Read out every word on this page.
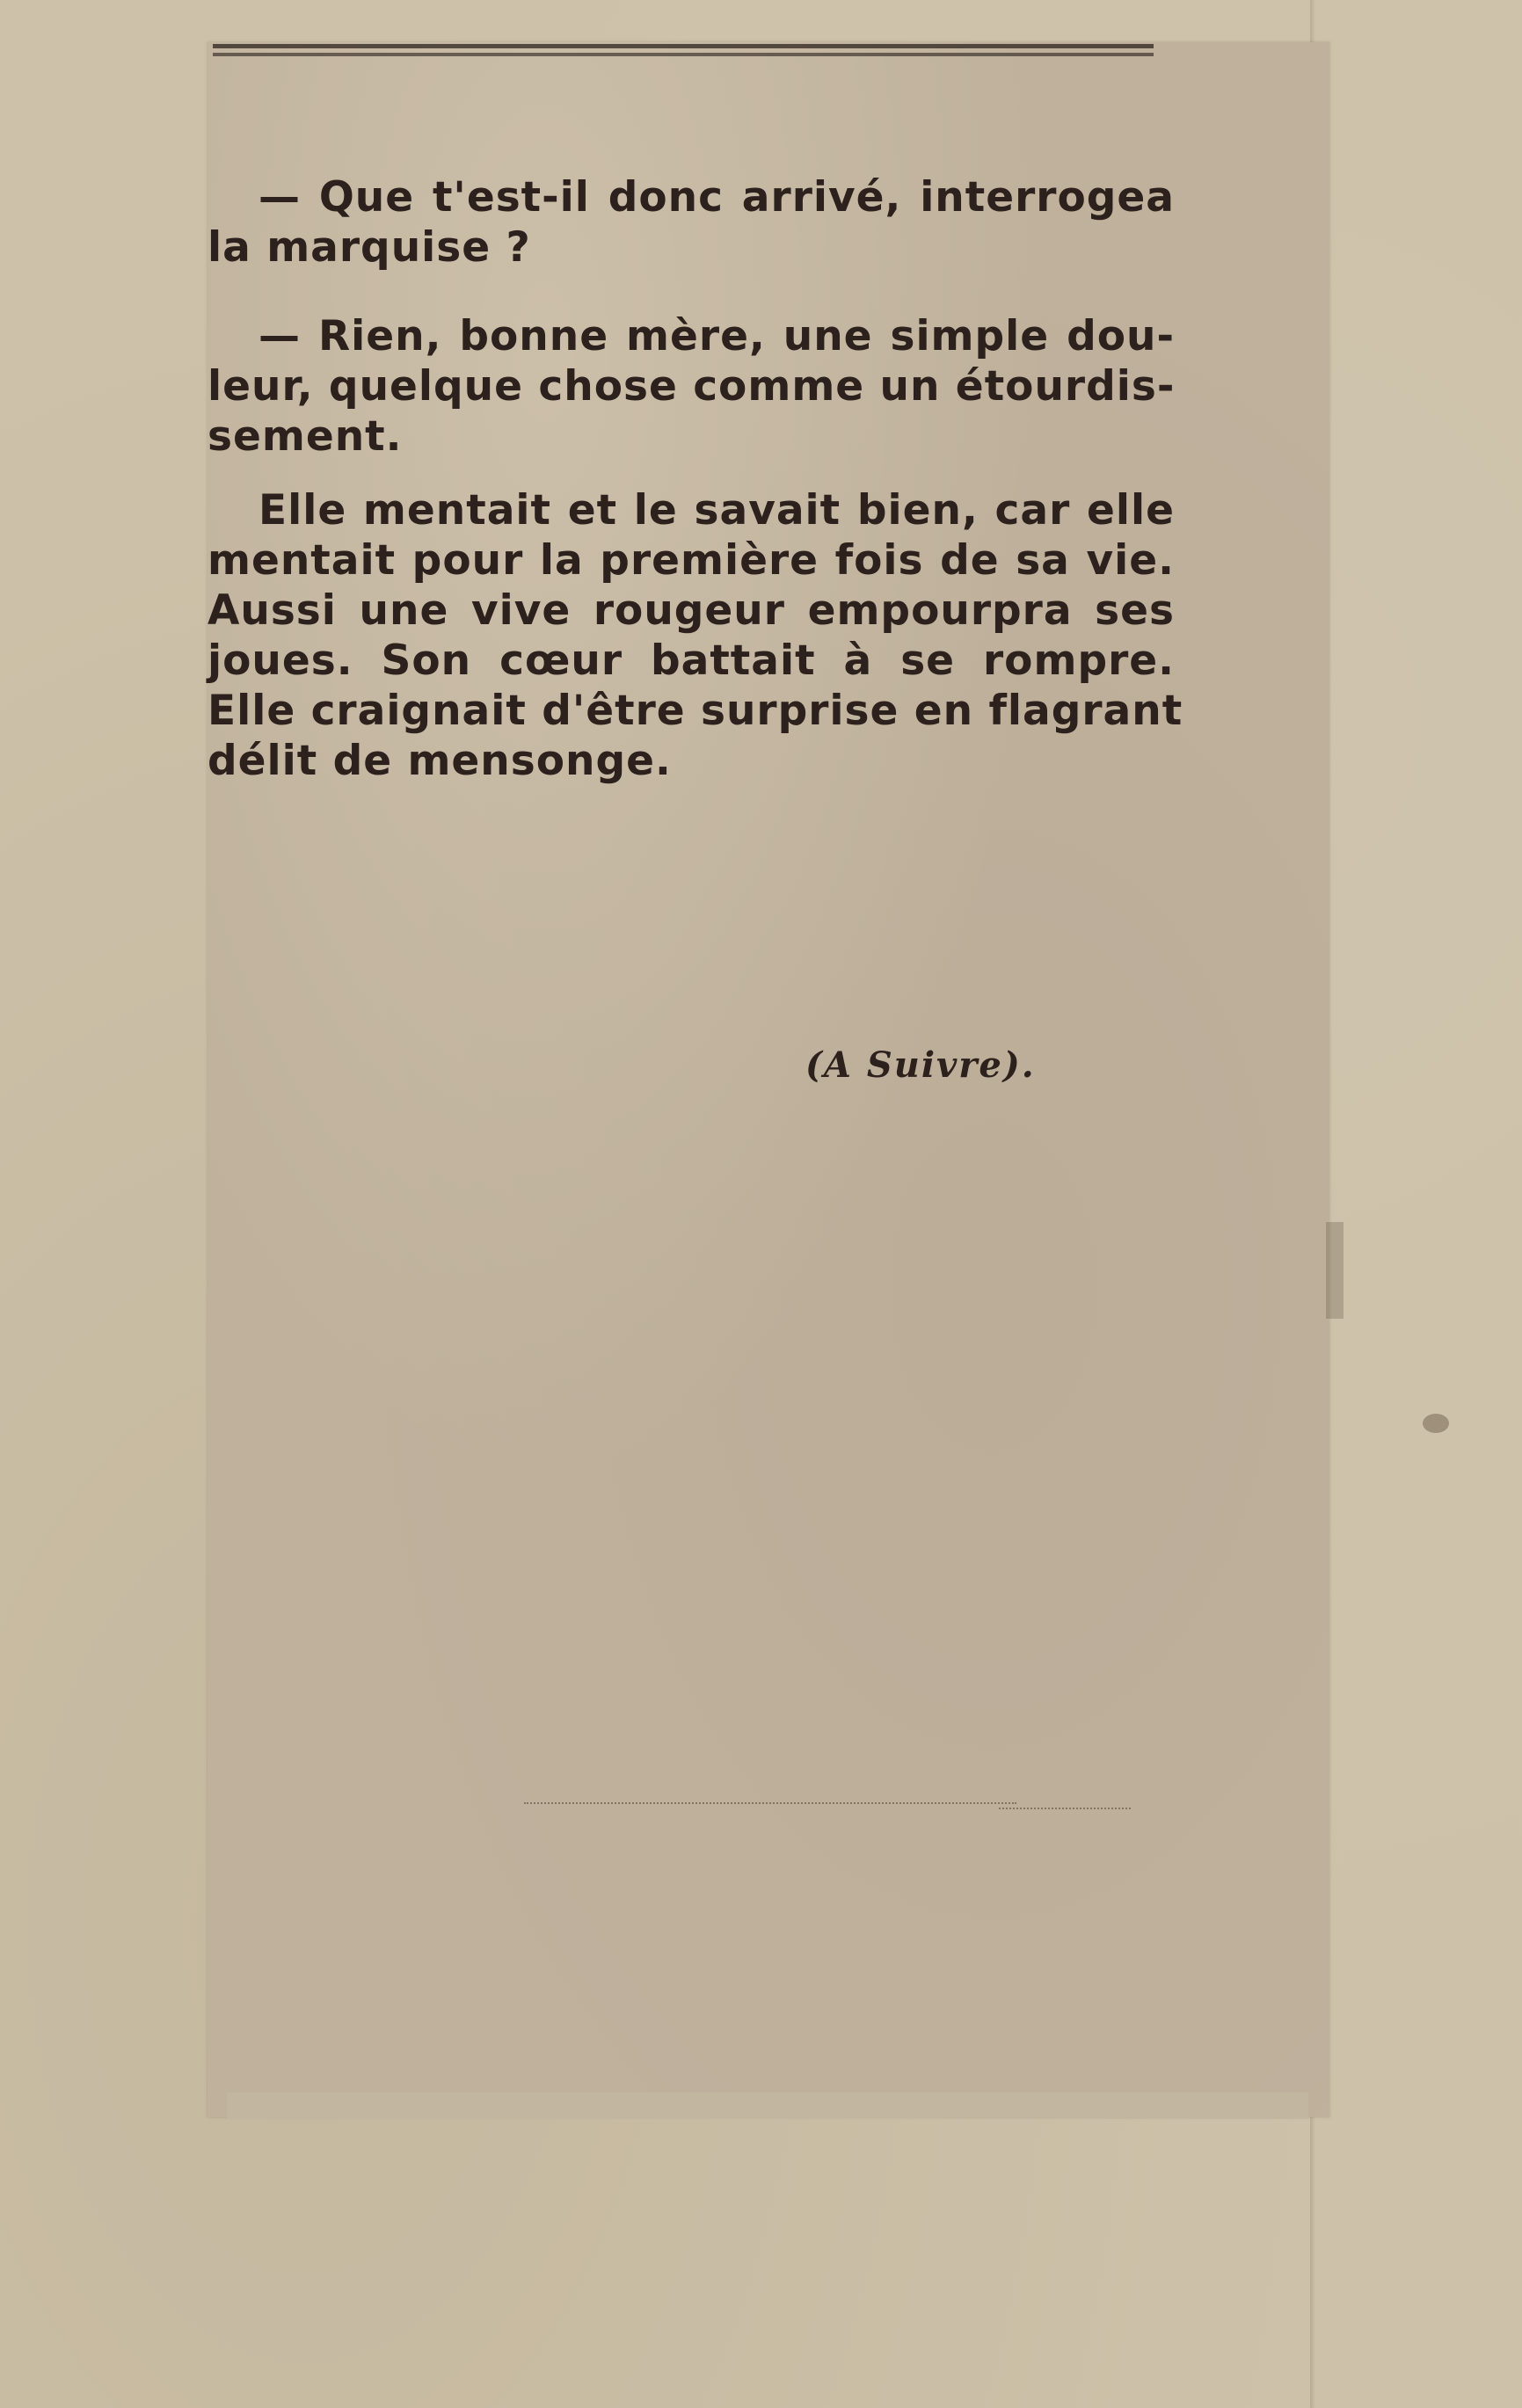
— Que t'est-il donc arrivé, interrogea
la marquise ?
— Rien, bonne mère, une simple dou-
leur, quelque chose comme un étourdis-
sement.
Elle mentait et le savait bien, car elle
mentait pour la première fois de sa vie.
Aussi une vive rougeur empourpra ses
joues. Son cœur battait à se rompre.
Elle craignait d'être surprise en flagrant
délit de mensonge.
(A Suivre).
